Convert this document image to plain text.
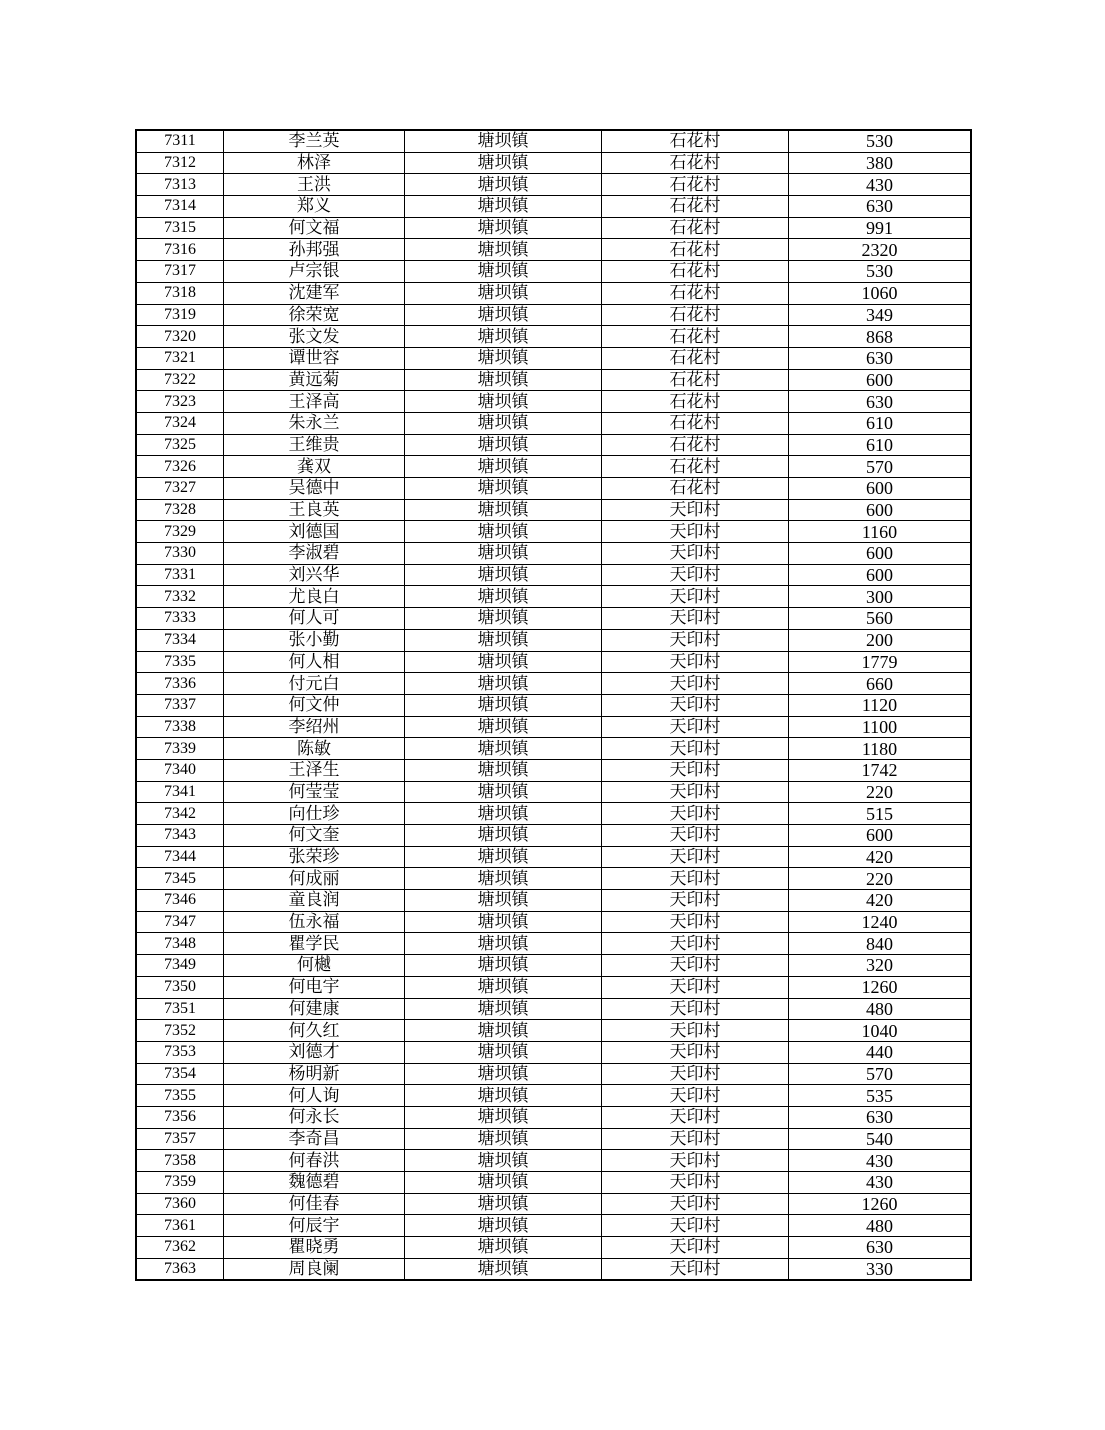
7311	李兰英	塘坝镇	石花村	530
7312	林泽	塘坝镇	石花村	380
7313	王洪	塘坝镇	石花村	430
7314	郑义	塘坝镇	石花村	630
7315	何文福	塘坝镇	石花村	991
7316	孙邦强	塘坝镇	石花村	2320
7317	卢宗银	塘坝镇	石花村	530
7318	沈建军	塘坝镇	石花村	1060
7319	徐荣宽	塘坝镇	石花村	349
7320	张文发	塘坝镇	石花村	868
7321	谭世容	塘坝镇	石花村	630
7322	黄远菊	塘坝镇	石花村	600
7323	王泽高	塘坝镇	石花村	630
7324	朱永兰	塘坝镇	石花村	610
7325	王维贵	塘坝镇	石花村	610
7326	龚双	塘坝镇	石花村	570
7327	吴德中	塘坝镇	石花村	600
7328	王良英	塘坝镇	天印村	600
7329	刘德国	塘坝镇	天印村	1160
7330	李淑碧	塘坝镇	天印村	600
7331	刘兴华	塘坝镇	天印村	600
7332	尤良白	塘坝镇	天印村	300
7333	何人可	塘坝镇	天印村	560
7334	张小勤	塘坝镇	天印村	200
7335	何人相	塘坝镇	天印村	1779
7336	付元白	塘坝镇	天印村	660
7337	何文仲	塘坝镇	天印村	1120
7338	李绍州	塘坝镇	天印村	1100
7339	陈敏	塘坝镇	天印村	1180
7340	王泽生	塘坝镇	天印村	1742
7341	何莹莹	塘坝镇	天印村	220
7342	向仕珍	塘坝镇	天印村	515
7343	何文奎	塘坝镇	天印村	600
7344	张荣珍	塘坝镇	天印村	420
7345	何成丽	塘坝镇	天印村	220
7346	童良润	塘坝镇	天印村	420
7347	伍永福	塘坝镇	天印村	1240
7348	瞿学民	塘坝镇	天印村	840
7349	何樾	塘坝镇	天印村	320
7350	何电宇	塘坝镇	天印村	1260
7351	何建康	塘坝镇	天印村	480
7352	何久红	塘坝镇	天印村	1040
7353	刘德才	塘坝镇	天印村	440
7354	杨明新	塘坝镇	天印村	570
7355	何人询	塘坝镇	天印村	535
7356	何永长	塘坝镇	天印村	630
7357	李奇昌	塘坝镇	天印村	540
7358	何春洪	塘坝镇	天印村	430
7359	魏德碧	塘坝镇	天印村	430
7360	何佳春	塘坝镇	天印村	1260
7361	何辰宇	塘坝镇	天印村	480
7362	瞿晓勇	塘坝镇	天印村	630
7363	周良阑	塘坝镇	天印村	330
